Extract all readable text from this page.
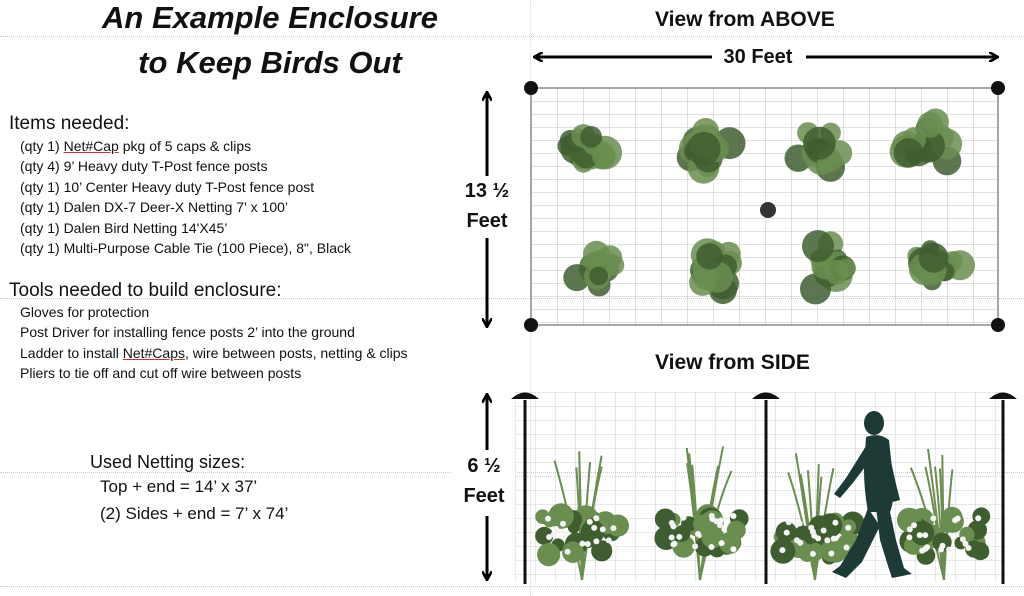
An Example Enclosure
to Keep Birds Out
Items needed:
(qty 1) Net#Cap pkg of 5 caps & clips
(qty 4) 9’ Heavy duty T-Post fence posts
(qty 1) 10’ Center Heavy duty T-Post fence post
(qty 1) Dalen DX-7 Deer-X Netting 7' x 100’
(qty 1) Dalen Bird Netting 14'X45’
(qty 1) Multi-Purpose Cable Tie (100 Piece), 8", Black
Tools needed to build enclosure:
Gloves for protection
Post Driver for installing fence posts 2’ into the ground
Ladder to install Net#Caps, wire between posts, netting & clips
Pliers to tie off and cut off wire between posts
Used Netting sizes:
Top + end = 14’ x 37’
(2) Sides + end = 7’ x 74’
View from ABOVE
View from SIDE
30 Feet
13 ½
Feet
6 ½
Feet
